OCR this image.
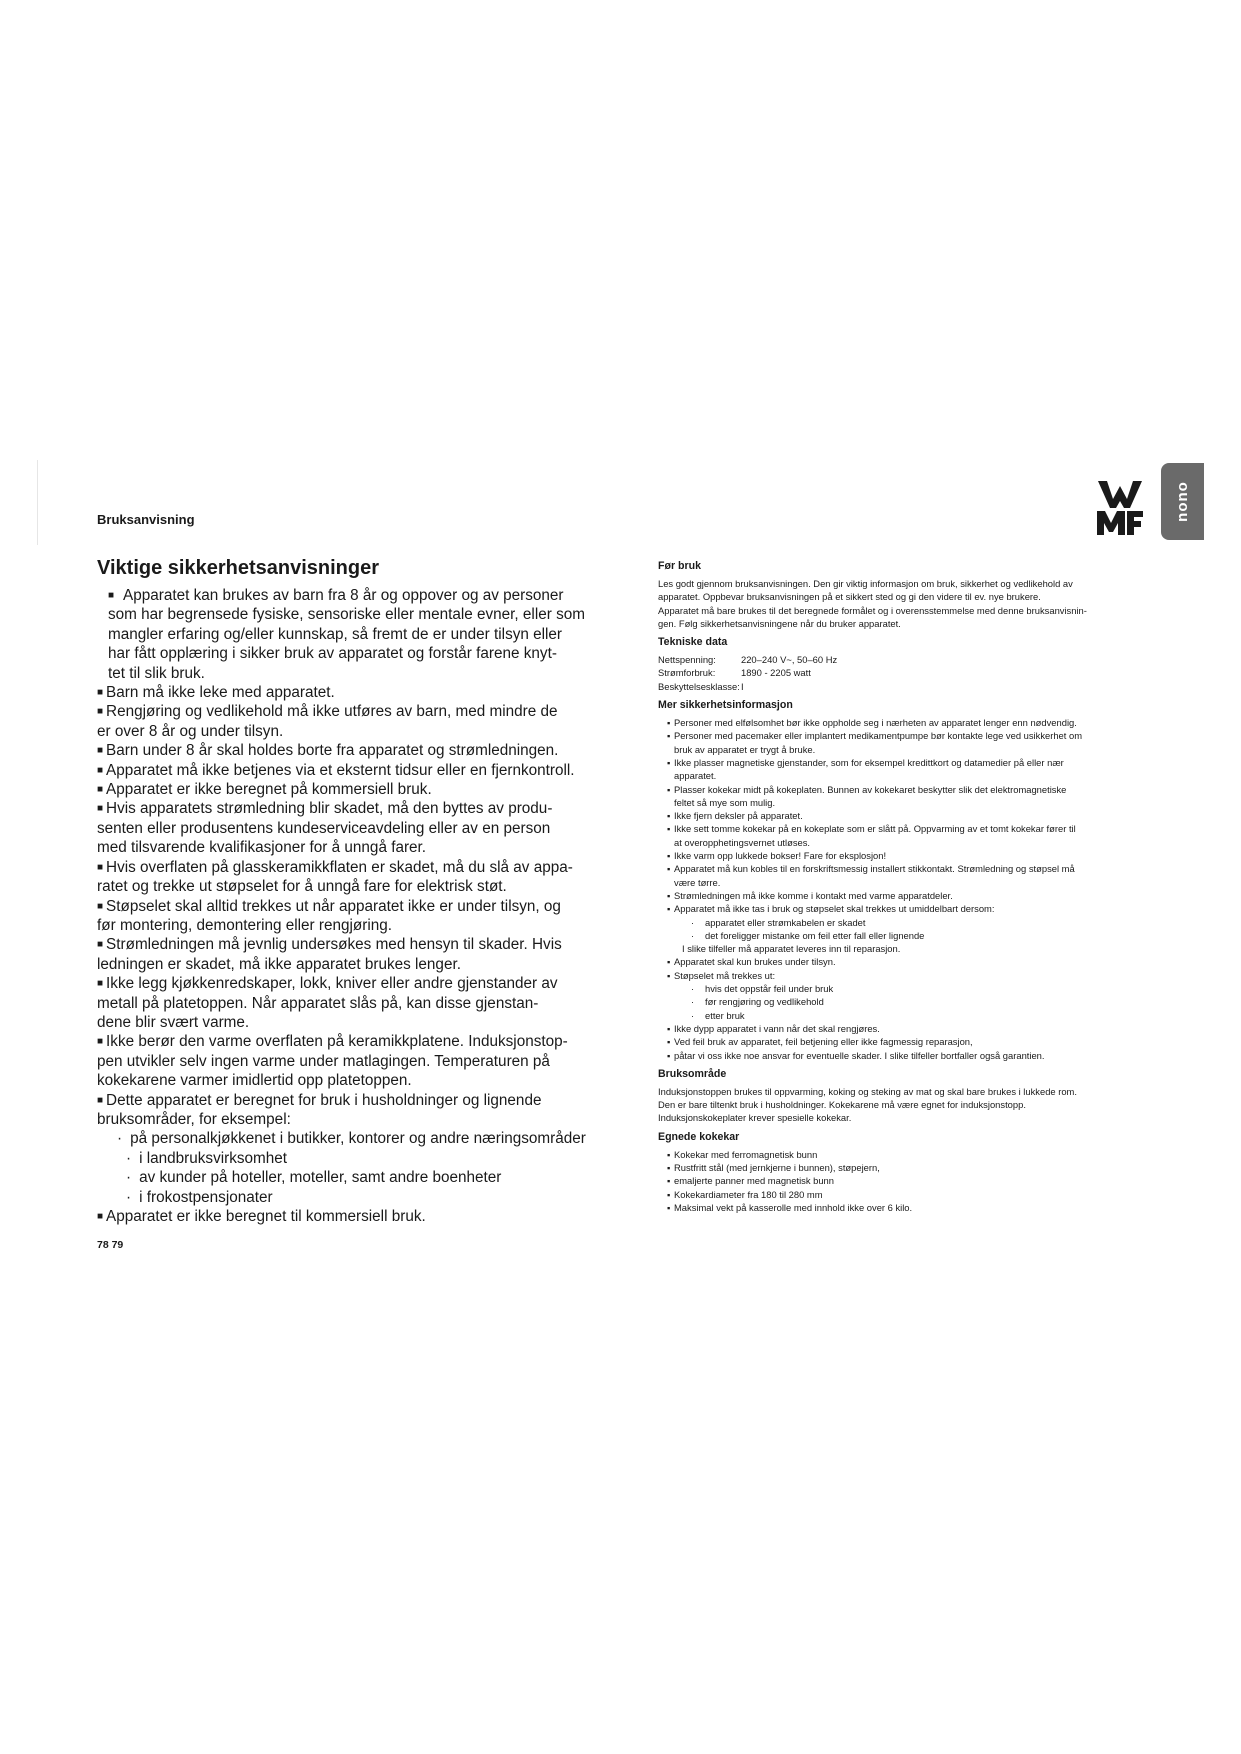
Bruksanvisning	nono
Viktige sikkerhetsanvisninger
■ Apparatet kan brukes av barn fra 8 år og oppover og av personer
som har begrensede fysiske, sensoriske eller mentale evner, eller som
mangler erfaring og/eller kunnskap, så fremt de er under tilsyn eller
har fått opplæring i sikker bruk av apparatet og forstår farene knyt-
tet til slik bruk.
■ Barn må ikke leke med apparatet.
■ Rengjøring og vedlikehold må ikke utføres av barn, med mindre de
er over 8 år og under tilsyn.
■ Barn under 8 år skal holdes borte fra apparatet og strømledningen.
■ Apparatet må ikke betjenes via et eksternt tidsur eller en fjernkontroll.
■ Apparatet er ikke beregnet på kommersiell bruk.
■ Hvis apparatets strømledning blir skadet, må den byttes av produ-
senten eller produsentens kundeserviceavdeling eller av en person
med tilsvarende kvalifikasjoner for å unngå farer.
■ Hvis overflaten på glasskeramikkflaten er skadet, må du slå av appa-
ratet og trekke ut støpselet for å unngå fare for elektrisk støt.
■ Støpselet skal alltid trekkes ut når apparatet ikke er under tilsyn, og
før montering, demontering eller rengjøring.
■ Strømledningen må jevnlig undersøkes med hensyn til skader. Hvis
ledningen er skadet, må ikke apparatet brukes lenger.
■ Ikke legg kjøkkenredskaper, lokk, kniver eller andre gjenstander av
metall på platetoppen. Når apparatet slås på, kan disse gjenstan-
dene blir svært varme.
■ Ikke berør den varme overflaten på keramikkplatene. Induksjonstop-
pen utvikler selv ingen varme under matlagingen. Temperaturen på
kokekarene varmer imidlertid opp platetoppen.
■ Dette apparatet er beregnet for bruk i husholdninger og lignende
bruksområder, for eksempel:
· på personalkjøkkenet i butikker, kontorer og andre næringsområder
· i landbruksvirksomhet
· av kunder på hoteller, moteller, samt andre boenheter
· i frokostpensjonater
■ Apparatet er ikke beregnet til kommersiell bruk.
Før bruk
Les godt gjennom bruksanvisningen. Den gir viktig informasjon om bruk, sikkerhet og vedlikehold av
apparatet. Oppbevar bruksanvisningen på et sikkert sted og gi den videre til ev. nye brukere.
Apparatet må bare brukes til det beregnede formålet og i overensstemmelse med denne bruksanvisnin-
gen. Følg sikkerhetsanvisningene når du bruker apparatet.
Tekniske data
Nettspenning:	220–240 V~, 50–60 Hz
Strømforbruk:	1890 - 2205 watt
Beskyttelsesklasse: I
Mer sikkerhetsinformasjon
▪ Personer med elfølsomhet bør ikke oppholde seg i nærheten av apparatet lenger enn nødvendig.
▪ Personer med pacemaker eller implantert medikamentpumpe bør kontakte lege ved usikkerhet om
bruk av apparatet er trygt å bruke.
▪ Ikke plasser magnetiske gjenstander, som for eksempel kredittkort og datamedier på eller nær
apparatet.
▪ Plasser kokekar midt på kokeplaten. Bunnen av kokekaret beskytter slik det elektromagnetiske
feltet så mye som mulig.
▪ Ikke fjern deksler på apparatet.
▪ Ikke sett tomme kokekar på en kokeplate som er slått på. Oppvarming av et tomt kokekar fører til
at overopphetingsvernet utløses.
▪ Ikke varm opp lukkede bokser! Fare for eksplosjon!
▪ Apparatet må kun kobles til en forskriftsmessig installert stikkontakt. Strømledning og støpsel må
være tørre.
▪ Strømledningen må ikke komme i kontakt med varme apparatdeler.
▪ Apparatet må ikke tas i bruk og støpselet skal trekkes ut umiddelbart dersom:
· apparatet eller strømkabelen er skadet
· det foreligger mistanke om feil etter fall eller lignende
I slike tilfeller må apparatet leveres inn til reparasjon.
▪ Apparatet skal kun brukes under tilsyn.
▪ Støpselet må trekkes ut:
· hvis det oppstår feil under bruk
· før rengjøring og vedlikehold
· etter bruk
▪ Ikke dypp apparatet i vann når det skal rengjøres.
▪ Ved feil bruk av apparatet, feil betjening eller ikke fagmessig reparasjon,
▪ påtar vi oss ikke noe ansvar for eventuelle skader. I slike tilfeller bortfaller også garantien.
Bruksområde
Induksjonstoppen brukes til oppvarming, koking og steking av mat og skal bare brukes i lukkede rom.
Den er bare tiltenkt bruk i husholdninger. Kokekarene må være egnet for induksjonstopp.
Induksjonskokeplater krever spesielle kokekar.
Egnede kokekar
▪ Kokekar med ferromagnetisk bunn
▪ Rustfritt stål (med jernkjerne i bunnen), støpejern,
▪ emaljerte panner med magnetisk bunn
▪ Kokekardiameter fra 180 til 280 mm
▪ Maksimal vekt på kasserolle med innhold ikke over 6 kilo.

78 79
